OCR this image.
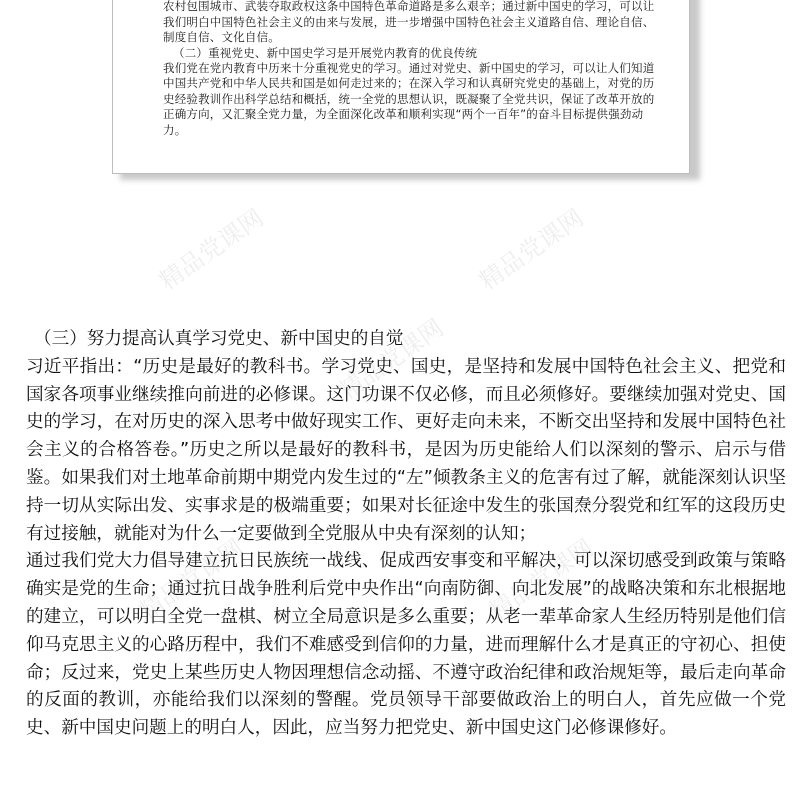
精品党课网	精品党课网
精品党课网
精品党课网	精品党课网

农村包围城市、武装夺取政权这条中国特色革命道路是多么艰辛；通过新中国史的学习，可以让我们明白中国特色社会主义的由来与发展，进一步增强中国特色社会主义道路自信、理论自信、制度自信、文化自信。

（二）重视党史、新中国史学习是开展党内教育的优良传统

我们党在党内教育中历来十分重视党史的学习。通过对党史、新中国史的学习，可以让人们知道中国共产党和中华人民共和国是如何走过来的；在深入学习和认真研究党史的基础上，对党的历史经验教训作出科学总结和概括，统一全党的思想认识，既凝聚了全党共识，保证了改革开放的正确方向，又汇聚全党力量，为全面深化改革和顺利实现“两个一百年”的奋斗目标提供强劲动力。

（三）努力提高认真学习党史、新中国史的自觉

习近平指出：“历史是最好的教科书。学习党史、国史，是坚持和发展中国特色社会主义、把党和国家各项事业继续推向前进的必修课。这门功课不仅必修，而且必须修好。要继续加强对党史、国史的学习，在对历史的深入思考中做好现实工作、更好走向未来，不断交出坚持和发展中国特色社会主义的合格答卷。”历史之所以是最好的教科书，是因为历史能给人们以深刻的警示、启示与借鉴。如果我们对土地革命前期中期党内发生过的“左”倾教条主义的危害有过了解，就能深刻认识坚持一切从实际出发、实事求是的极端重要；如果对长征途中发生的张国焘分裂党和红军的这段历史有过接触，就能对为什么一定要做到全党服从中央有深刻的认知；

通过我们党大力倡导建立抗日民族统一战线、促成西安事变和平解决，可以深切感受到政策与策略确实是党的生命；通过抗日战争胜利后党中央作出“向南防御、向北发展”的战略决策和东北根据地的建立，可以明白全党一盘棋、树立全局意识是多么重要；从老一辈革命家人生经历特别是他们信仰马克思主义的心路历程中，我们不难感受到信仰的力量，进而理解什么才是真正的守初心、担使命；反过来，党史上某些历史人物因理想信念动摇、不遵守政治纪律和政治规矩等，最后走向革命的反面的教训，亦能给我们以深刻的警醒。党员领导干部要做政治上的明白人，首先应做一个党史、新中国史问题上的明白人，因此，应当努力把党史、新中国史这门必修课修好。
